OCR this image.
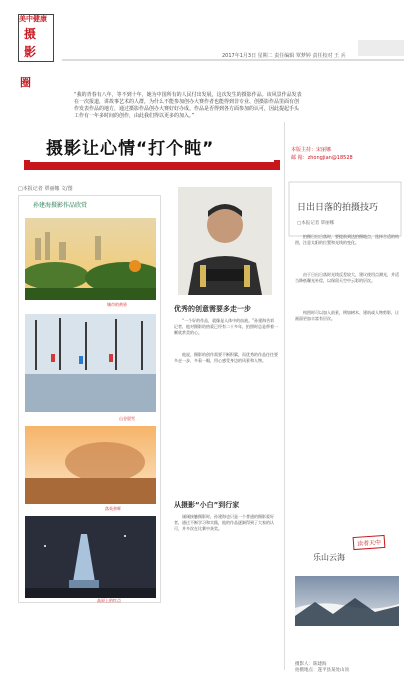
美中健康
摄
影
圈
2017年1月3日 星期二 责任编辑 覃梦婷 责任校对 王 兵

“我的青春有八年，等不到十年，她为中国所有的人民付出发展，这次发生的摄影作品。该风景作品发表在一次报道，讲故事艺术的人群，为什么不能参加创办大赛作者也能得到非专业、创摄影作品里面有创作发表作品的地方，通过摄影作品创办大赛好好办成。作品是否得到各方面参加的认可，因此提起手头工作有一年多时间的创作，由此我们得以更多的加入。”

摄影让心情“打个盹”	本版主持：宋丽娜
邮 箱：zhongjian@18528
日出日落的拍摄技巧
□本报记者 覃丽娜

拍摄日出日落时，要提前到达拍摄地点，选择合适的构图，注意太阳的位置和光线的变化。

由于日出日落时光线反差较大，建议使用点测光，并适当降低曝光补偿，以保留天空中云彩的层次。

构图时可以加入前景，例如树木、建筑或人物剪影，让画面更加丰富有层次。

读者天中
乐山云海

摄影人：陈建海
拍摄地点：遂平县某处山顶

□本报记者 覃丽娜 文/图
孙建海摄影作品欣赏
城市的黄昏
山谷晨雪
落英余晖
高原上的红点
优秀的创意需要多走一步

“一个好的作品，就像是人体中的血液。”孙建海告诉记者，他对摄影的热爱已经有二十多年，拍照时总是带着一颗欣赏美的心。

他说，摄影的创作需要不断积累，而优秀的作品往往要多走一步，多看一眼，用心感受身边的风景和人物。

从摄影“小白”到行家

刚刚接触摄影时，孙建海也只是一个普通的摄影爱好者，通过不断学习和实践，他的作品逐渐得到了大家的认可，并多次在比赛中获奖。
